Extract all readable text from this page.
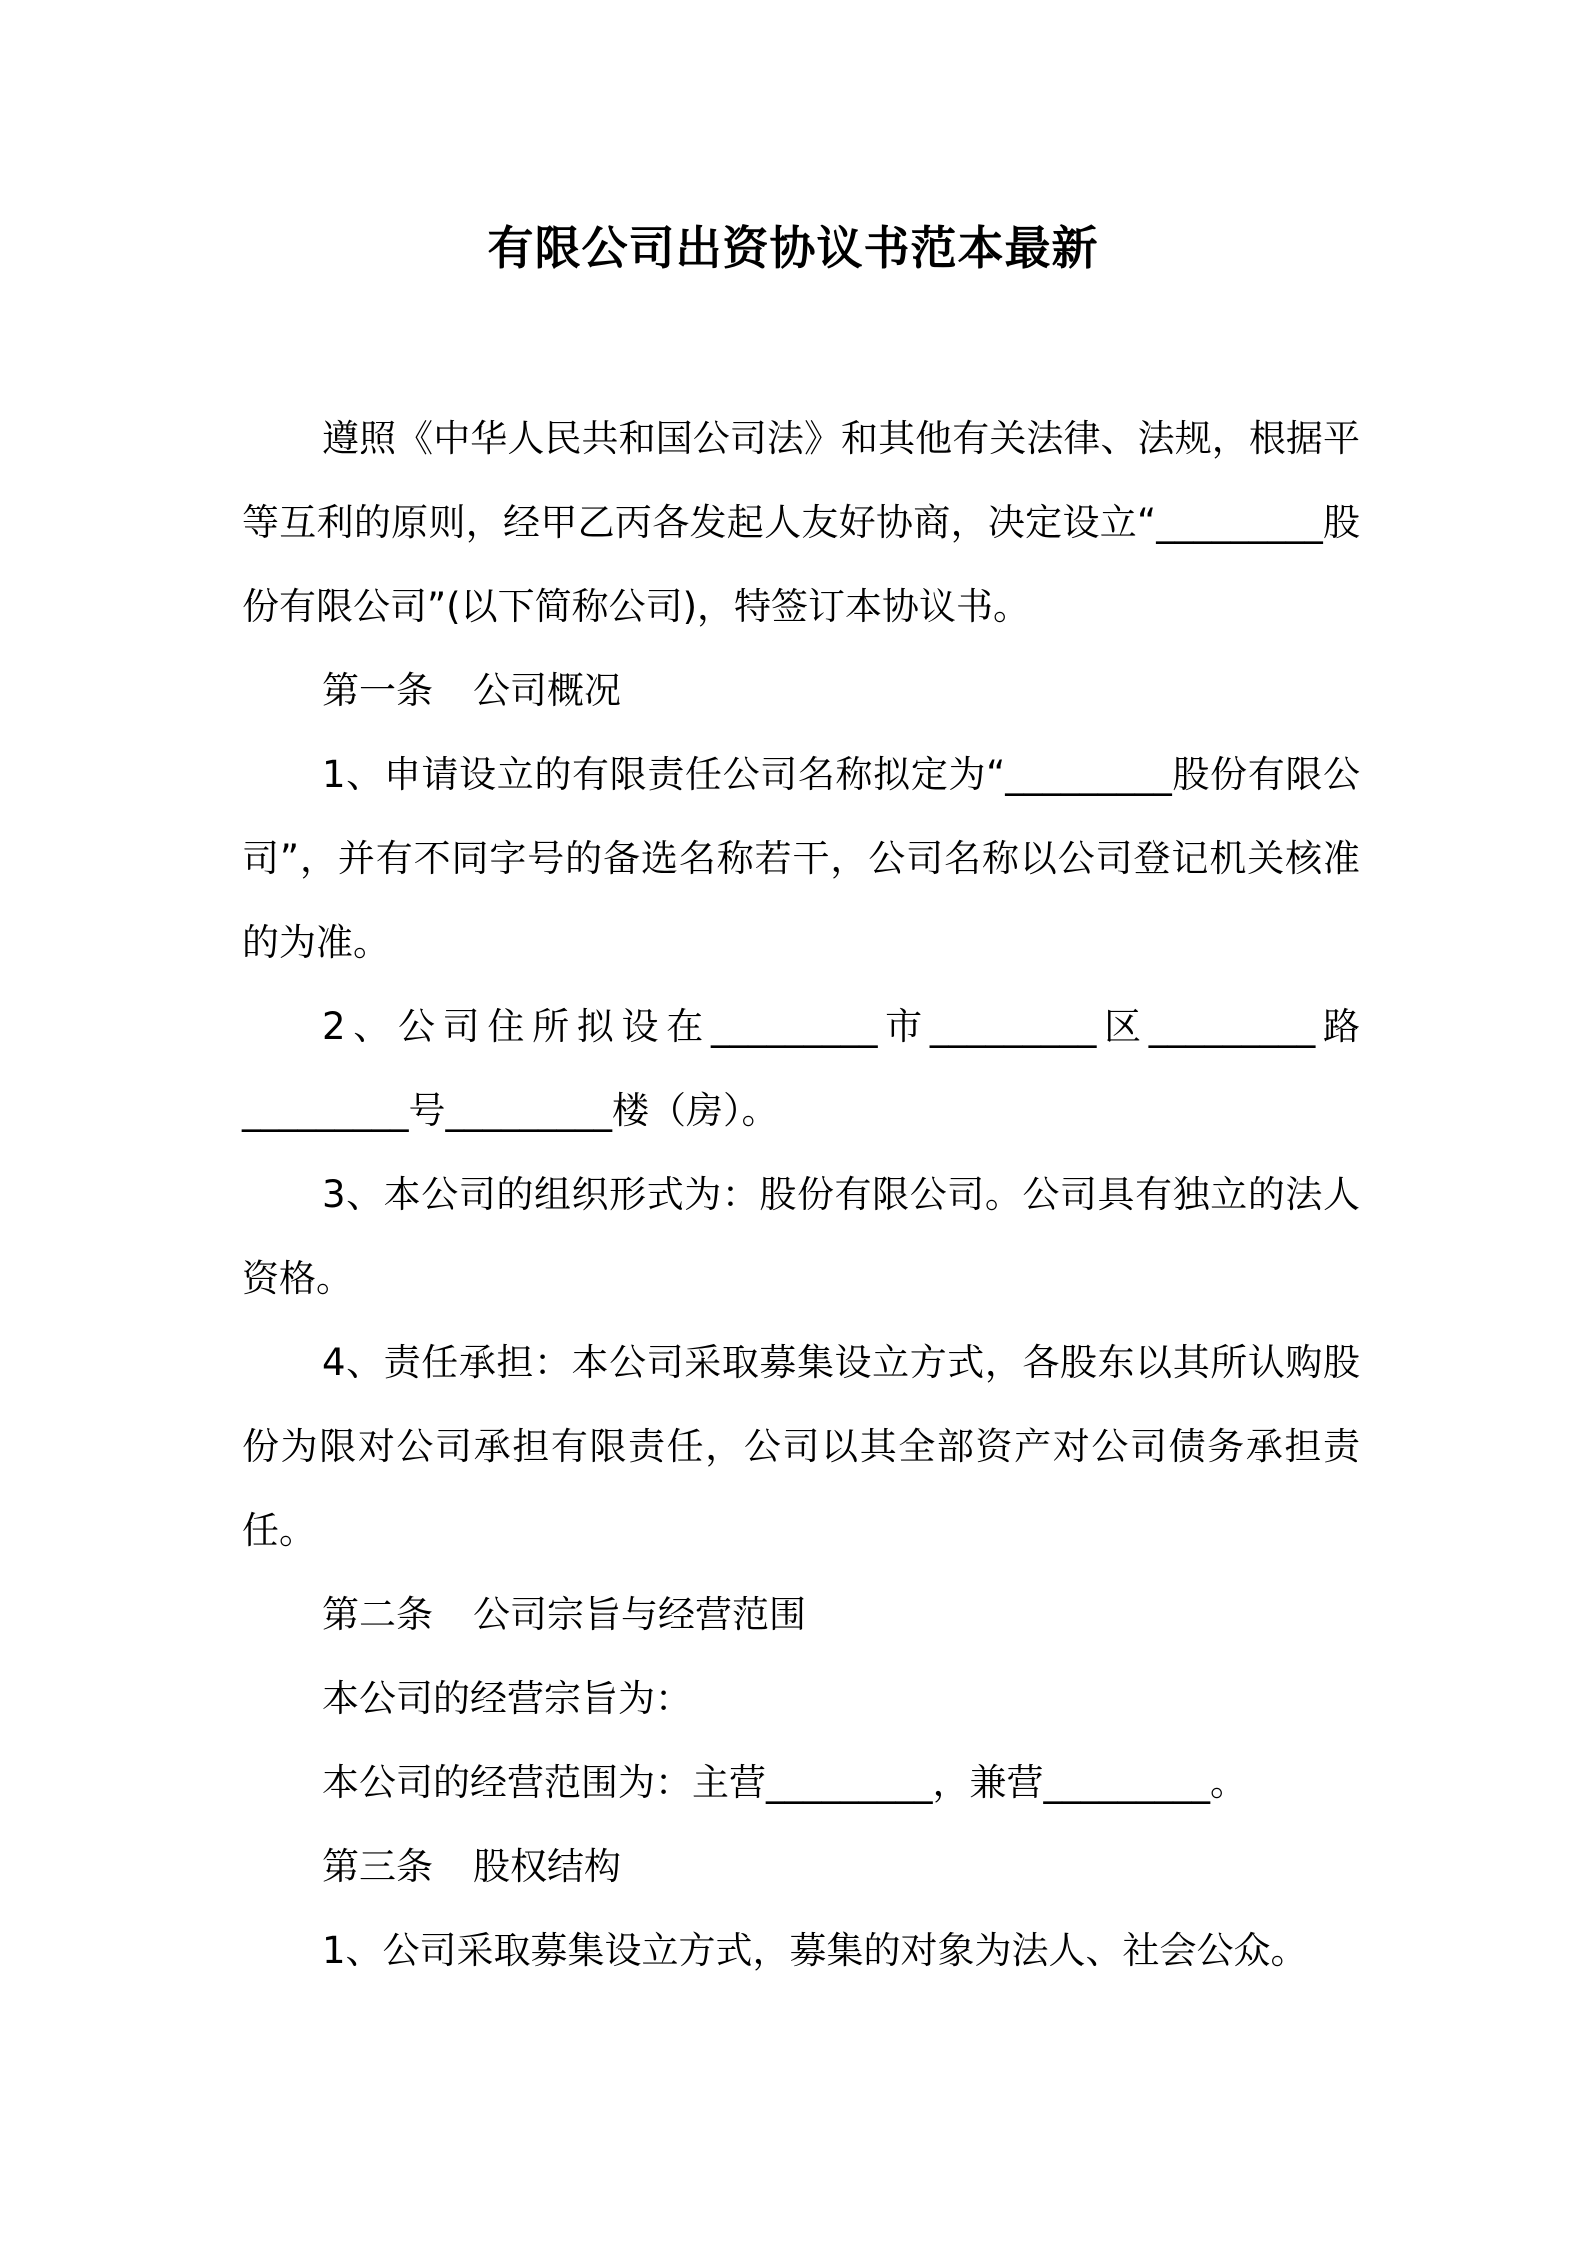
有限公司出资协议书范本最新

遵照《中华人民共和国公司法》和其他有关法律、法规，根据平等互利的原则，经甲乙丙各发起人友好协商，决定设立“_________股份有限公司”(以下简称公司)，特签订本协议书。

第一条 公司概况

1、申请设立的有限责任公司名称拟定为“_________股份有限公司”，并有不同字号的备选名称若干，公司名称以公司登记机关核准的为准。

2、公司住所拟设在_________市_________区_________路_________号_________楼（房）。

3、本公司的组织形式为：股份有限公司。公司具有独立的法人资格。

4、责任承担：本公司采取募集设立方式，各股东以其所认购股份为限对公司承担有限责任，公司以其全部资产对公司债务承担责任。

第二条 公司宗旨与经营范围

本公司的经营宗旨为：

本公司的经营范围为：主营_________，兼营_________。

第三条 股权结构

1、公司采取募集设立方式，募集的对象为法人、社会公众。
